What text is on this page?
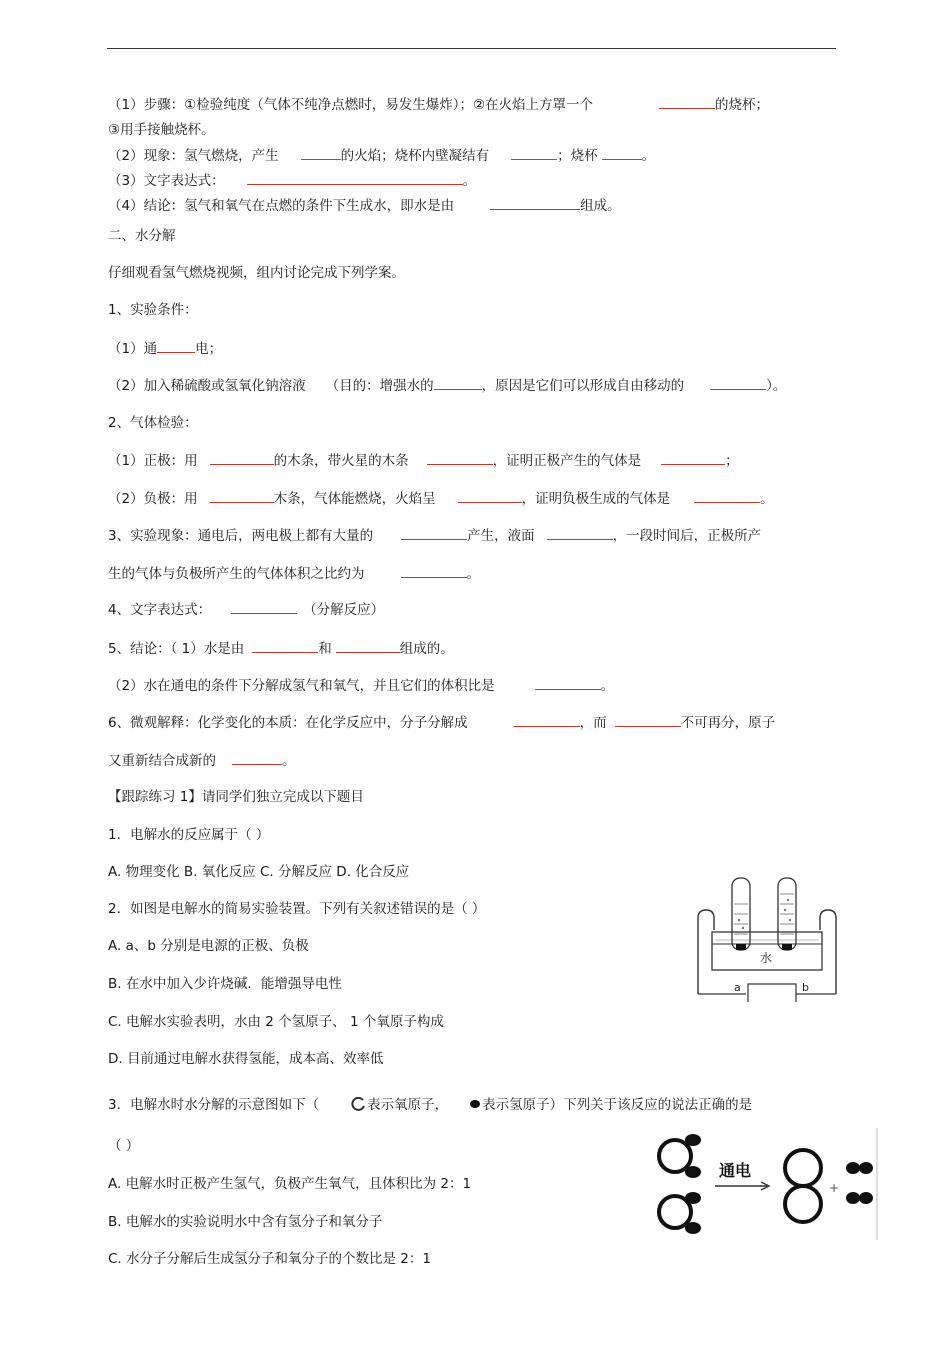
（1）步骤：①检验纯度（气体不纯净点燃时，易发生爆炸）；②在火焰上方罩一个	的烧杯；
③用手接触烧杯。
（2）现象：氢气燃烧，产生	的火焰；烧杯内壁凝结有	；烧杯	。
（3）文字表达式：	。
（4）结论：氢气和氧气在点燃的条件下生成水，即水是由	组成。
二、水分解
仔细观看氢气燃烧视频，组内讨论完成下列学案。
1、实验条件：
（1）通	电；
（2）加入稀硫酸或氢氧化钠溶液 （目的：增强水的	，原因是它们可以形成自由移动的	）。
2、气体检验：
（1）正极：用	的木条，带火星的木条	，证明正极产生的气体是	；
（2）负极：用	木条，气体能燃烧，火焰呈	，证明负极生成的气体是	。
3、实验现象：通电后，两电极上都有大量的	产生，液面	，一段时间后，正极所产
生的气体与负极所产生的气体体积之比约为	。
4、文字表达式：	（分解反应）
5、结论：（ 1）水是由	和	组成的。
（2）水在通电的条件下分解成氢气和氧气，并且它们的体积比是	。
6、微观解释：化学变化的本质：在化学反应中，分子分解成	，而	不可再分，原子
又重新结合成新的	。
【跟踪练习 1】请同学们独立完成以下题目
1．电解水的反应属于（ ）
A. 物理变化 B. 氧化反应 C. 分解反应 D. 化合反应
2．如图是电解水的简易实验装置。下列有关叙述错误的是（ ）
A. a、b 分别是电源的正极、负极
B. 在水中加入少许烧碱．能增强导电性
C. 电解水实验表明，水由 2 个氢原子、 1 个氧原子构成
D. 目前通过电解水获得氢能，成本高、效率低
3．电解水时水分解的示意图如下（	表示氧原子，	表示氢原子）下列关于该反应的说法正确的是
（ ）
A. 电解水时正极产生氢气，负极产生氧气，且体积比为 2：1
B. 电解水的实验说明水中含有氢分子和氧分子
C. 水分子分解后生成氢分子和氧分子的个数比是 2：1
水
a	b
通电
+
